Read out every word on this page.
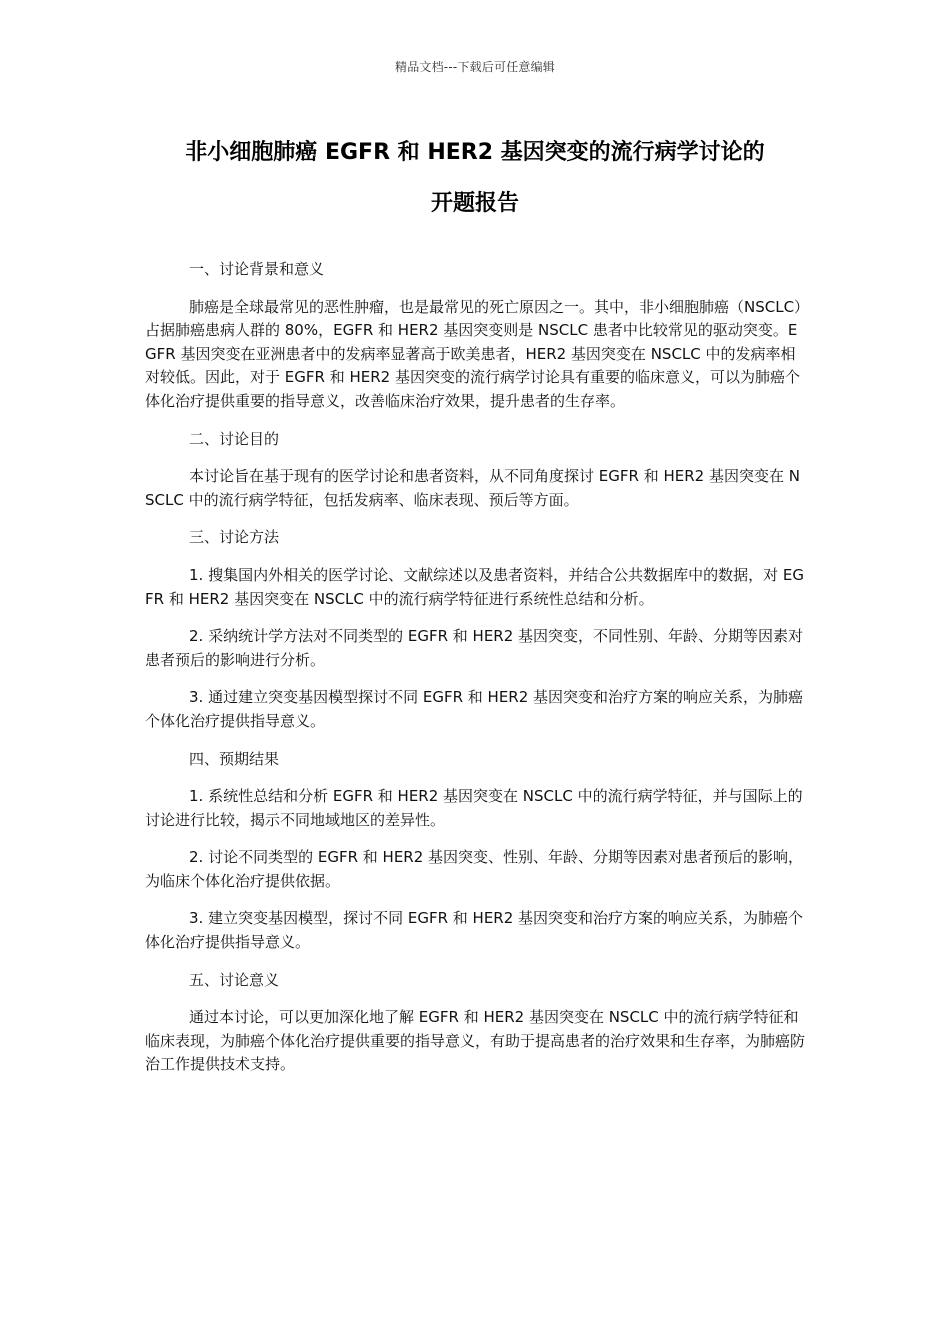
精品文档---下载后可任意编辑
非小细胞肺癌 EGFR 和 HER2 基因突变的流行病学讨论的
开题报告

一、讨论背景和意义

肺癌是全球最常见的恶性肿瘤，也是最常见的死亡原因之一。其中，非小细胞肺癌（NSCLC）占据肺癌患病人群的 80%，EGFR 和 HER2 基因突变则是 NSCLC 患者中比较常见的驱动突变。EGFR 基因突变在亚洲患者中的发病率显著高于欧美患者，HER2 基因突变在 NSCLC 中的发病率相对较低。因此，对于 EGFR 和 HER2 基因突变的流行病学讨论具有重要的临床意义，可以为肺癌个体化治疗提供重要的指导意义，改善临床治疗效果，提升患者的生存率。

二、讨论目的

本讨论旨在基于现有的医学讨论和患者资料，从不同角度探讨 EGFR 和 HER2 基因突变在 NSCLC 中的流行病学特征，包括发病率、临床表现、预后等方面。

三、讨论方法

1. 搜集国内外相关的医学讨论、文献综述以及患者资料，并结合公共数据库中的数据，对 EGFR 和 HER2 基因突变在 NSCLC 中的流行病学特征进行系统性总结和分析。

2. 采纳统计学方法对不同类型的 EGFR 和 HER2 基因突变，不同性别、年龄、分期等因素对患者预后的影响进行分析。

3. 通过建立突变基因模型探讨不同 EGFR 和 HER2 基因突变和治疗方案的响应关系，为肺癌个体化治疗提供指导意义。

四、预期结果

1. 系统性总结和分析 EGFR 和 HER2 基因突变在 NSCLC 中的流行病学特征，并与国际上的讨论进行比较，揭示不同地域地区的差异性。

2. 讨论不同类型的 EGFR 和 HER2 基因突变、性别、年龄、分期等因素对患者预后的影响，为临床个体化治疗提供依据。

3. 建立突变基因模型，探讨不同 EGFR 和 HER2 基因突变和治疗方案的响应关系，为肺癌个体化治疗提供指导意义。

五、讨论意义

通过本讨论，可以更加深化地了解 EGFR 和 HER2 基因突变在 NSCLC 中的流行病学特征和临床表现，为肺癌个体化治疗提供重要的指导意义，有助于提高患者的治疗效果和生存率，为肺癌防治工作提供技术支持。
